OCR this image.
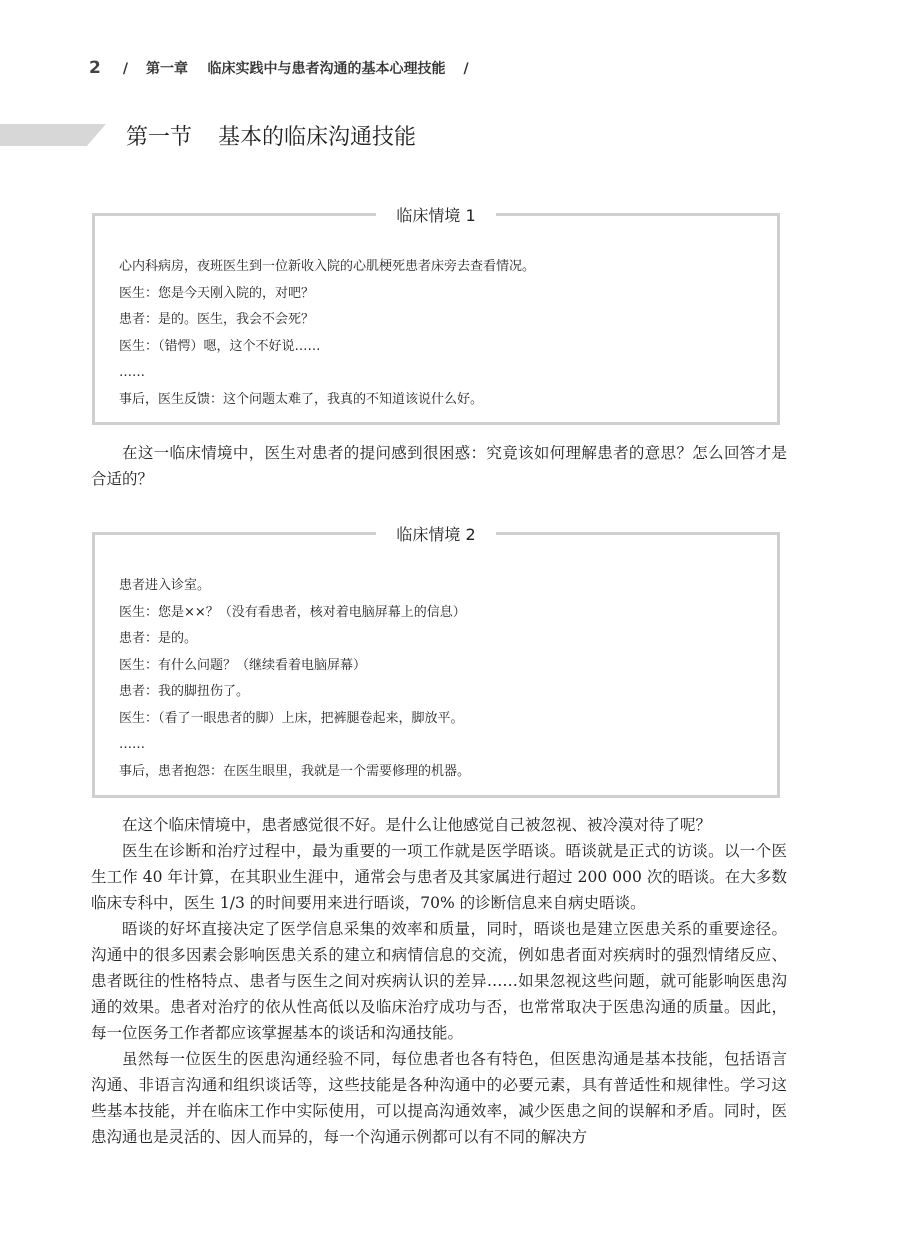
2 / 第一章 临床实践中与患者沟通的基本心理技能 /
第一节 基本的临床沟通技能
临床情境 1
心内科病房，夜班医生到一位新收入院的心肌梗死患者床旁去查看情况。
医生：您是今天刚入院的，对吧？
患者：是的。医生，我会不会死？
医生：（错愕）嗯，这个不好说……
……
事后，医生反馈：这个问题太难了，我真的不知道该说什么好。

在这一临床情境中，医生对患者的提问感到很困惑：究竟该如何理解患者的意思？怎么回答才是合适的？

临床情境 2
患者进入诊室。
医生：您是××？（没有看患者，核对着电脑屏幕上的信息）
患者：是的。
医生：有什么问题？（继续看着电脑屏幕）
患者：我的脚扭伤了。
医生：（看了一眼患者的脚）上床，把裤腿卷起来，脚放平。
……
事后，患者抱怨：在医生眼里，我就是一个需要修理的机器。

在这个临床情境中，患者感觉很不好。是什么让他感觉自己被忽视、被冷漠对待了呢？

医生在诊断和治疗过程中，最为重要的一项工作就是医学晤谈。晤谈就是正式的访谈。以一个医生工作 40 年计算，在其职业生涯中，通常会与患者及其家属进行超过 200 000 次的晤谈。在大多数临床专科中，医生 1/3 的时间要用来进行晤谈，70% 的诊断信息来自病史晤谈。

晤谈的好坏直接决定了医学信息采集的效率和质量，同时，晤谈也是建立医患关系的重要途径。沟通中的很多因素会影响医患关系的建立和病情信息的交流，例如患者面对疾病时的强烈情绪反应、患者既往的性格特点、患者与医生之间对疾病认识的差异……如果忽视这些问题，就可能影响医患沟通的效果。患者对治疗的依从性高低以及临床治疗成功与否，也常常取决于医患沟通的质量。因此，每一位医务工作者都应该掌握基本的谈话和沟通技能。

虽然每一位医生的医患沟通经验不同，每位患者也各有特色，但医患沟通是基本技能，包括语言沟通、非语言沟通和组织谈话等，这些技能是各种沟通中的必要元素，具有普适性和规律性。学习这些基本技能，并在临床工作中实际使用，可以提高沟通效率，减少医患之间的误解和矛盾。同时，医患沟通也是灵活的、因人而异的，每一个沟通示例都可以有不同的解决方
